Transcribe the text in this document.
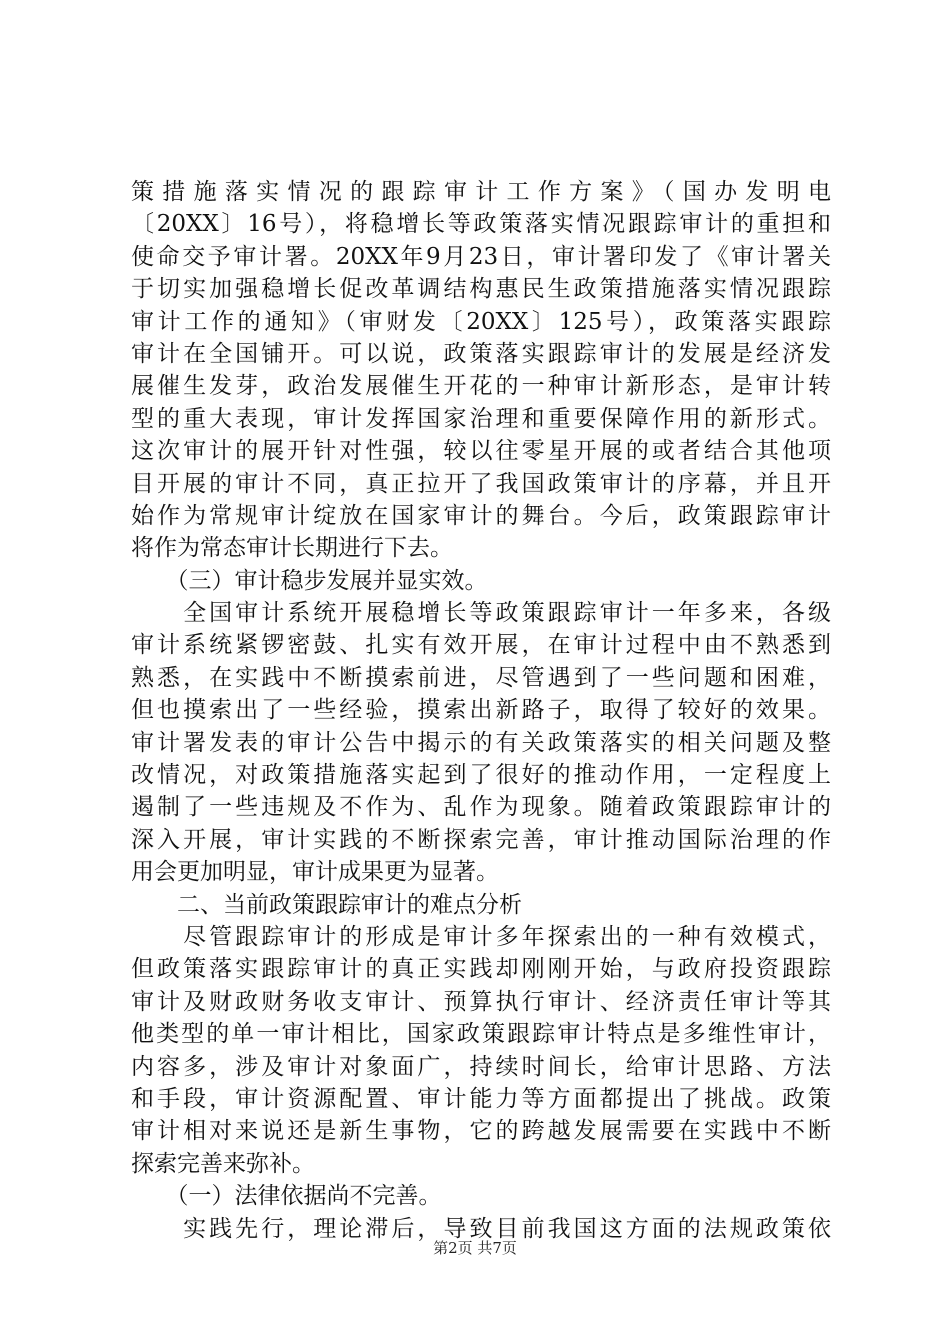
策措施落实情况的跟踪审计工作方案》（国办发明电
〔20XX〕16号），将稳增长等政策落实情况跟踪审计的重担和
使命交予审计署。20XX年9月23日，审计署印发了《审计署关
于切实加强稳增长促改革调结构惠民生政策措施落实情况跟踪
审计工作的通知》（审财发〔20XX〕125号），政策落实跟踪
审计在全国铺开。可以说，政策落实跟踪审计的发展是经济发
展催生发芽，政治发展催生开花的一种审计新形态，是审计转
型的重大表现，审计发挥国家治理和重要保障作用的新形式。
这次审计的展开针对性强，较以往零星开展的或者结合其他项
目开展的审计不同，真正拉开了我国政策审计的序幕，并且开
始作为常规审计绽放在国家审计的舞台。今后，政策跟踪审计
将作为常态审计长期进行下去。
　　（三）审计稳步发展并显实效。
　　全国审计系统开展稳增长等政策跟踪审计一年多来，各级
审计系统紧锣密鼓、扎实有效开展，在审计过程中由不熟悉到
熟悉，在实践中不断摸索前进，尽管遇到了一些问题和困难，
但也摸索出了一些经验，摸索出新路子，取得了较好的效果。
审计署发表的审计公告中揭示的有关政策落实的相关问题及整
改情况，对政策措施落实起到了很好的推动作用，一定程度上
遏制了一些违规及不作为、乱作为现象。随着政策跟踪审计的
深入开展，审计实践的不断探索完善，审计推动国际治理的作
用会更加明显，审计成果更为显著。
　　二、当前政策跟踪审计的难点分析
　　尽管跟踪审计的形成是审计多年探索出的一种有效模式，
但政策落实跟踪审计的真正实践却刚刚开始，与政府投资跟踪
审计及财政财务收支审计、预算执行审计、经济责任审计等其
他类型的单一审计相比，国家政策跟踪审计特点是多维性审计，
内容多，涉及审计对象面广，持续时间长，给审计思路、方法
和手段，审计资源配置、审计能力等方面都提出了挑战。政策
审计相对来说还是新生事物，它的跨越发展需要在实践中不断
探索完善来弥补。
　　（一）法律依据尚不完善。
　　实践先行，理论滞后，导致目前我国这方面的法规政策依
第2页 共7页
